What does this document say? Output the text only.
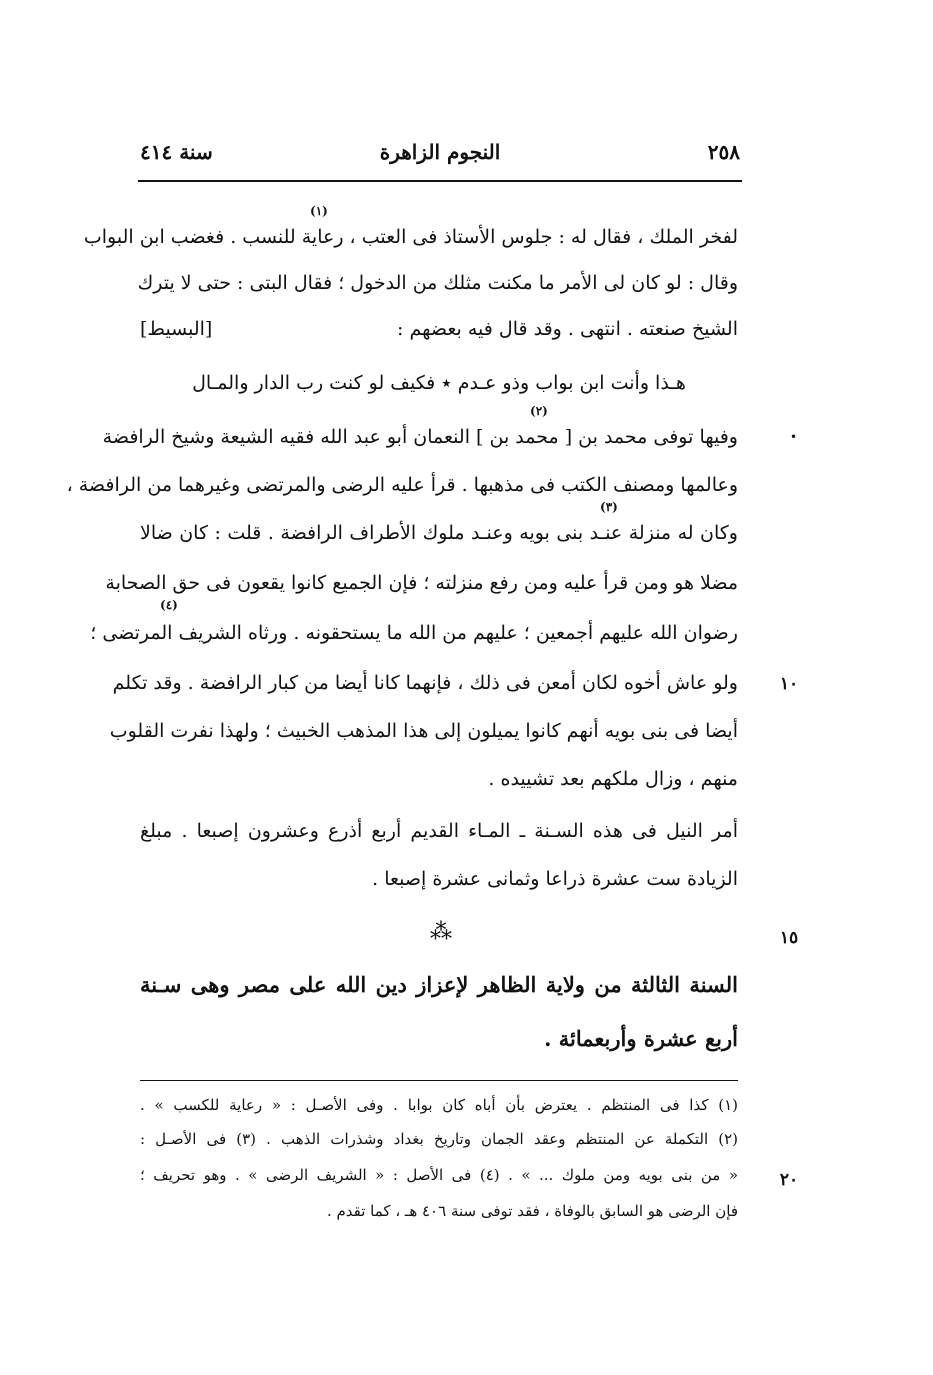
٢٥٨
النجوم الزاهرة
سنة ٤١٤
(١)
(٢)
(٣)
(٤)
لفخر الملك ، فقال له : جلوس الأستاذ فى العتب ، رعاية للنسب . فغضب ابن البواب
وقال : لو كان لى الأمر ما مكنت مثلك من الدخول ؛ فقال البتى : حتى لا يترك
الشيخ صنعته . انتهى . وقد قال فيه بعضهم :
[البسيط]
هـذا وأنت ابن بواب وذو عـدم ٭ فكيف لو كنت رب الدار والمـال
وفيها توفى محمد بن [ محمد بن ] النعمان أبو عبد الله فقيه الشيعة وشيخ الرافضة
وعالمها ومصنف الكتب فى مذهبها . قرأ عليه الرضى والمرتضى وغيرهما من الرافضة ،
وكان له منزلة عنـد بنى بويه وعنـد ملوك الأطراف الرافضة . قلت : كان ضالا
مضلا هو ومن قرأ عليه ومن رفع منزلته ؛ فإن الجميع كانوا يقعون فى حق الصحابة
رضوان الله عليهم أجمعين ؛ عليهم من الله ما يستحقونه . ورثاه الشريف المرتضى ؛
ولو عاش أخوه لكان أمعن فى ذلك ، فإنهما كانا أيضا من كبار الرافضة . وقد تكلم
أيضا فى بنى بويه أنهم كانوا يميلون إلى هذا المذهب الخبيث ؛ ولهذا نفرت القلوب
منهم ، وزال ملكهم بعد تشييده .
أمر النيل فى هذه السـنة ـ المـاء القديم أربع أذرع وعشرون إصبعا . مبلغ
الزيادة ست عشرة ذراعا وثمانى عشرة إصبعا .
السنة الثالثة من ولاية الظاهر لإعزاز دين الله على مصر وهى سـنة
أربع عشرة وأربعمائة .
•
١٠
١٥
٢٠
⁂
(١) كذا فى المنتظم . يعترض بأن أباه كان بوابا . وفى الأصـل : « رعاية للكسب » .
(٢) التكملة عن المنتظم وعقد الجمان وتاريخ بغداد وشذرات الذهب . (٣) فى الأصـل :
« من بنى بويه ومن ملوك ... » . (٤) فى الأصل : « الشريف الرضى » . وهو تحريف ؛
فإن الرضى هو السابق بالوفاة ، فقد توفى سنة ٤٠٦ هـ ، كما تقدم .
